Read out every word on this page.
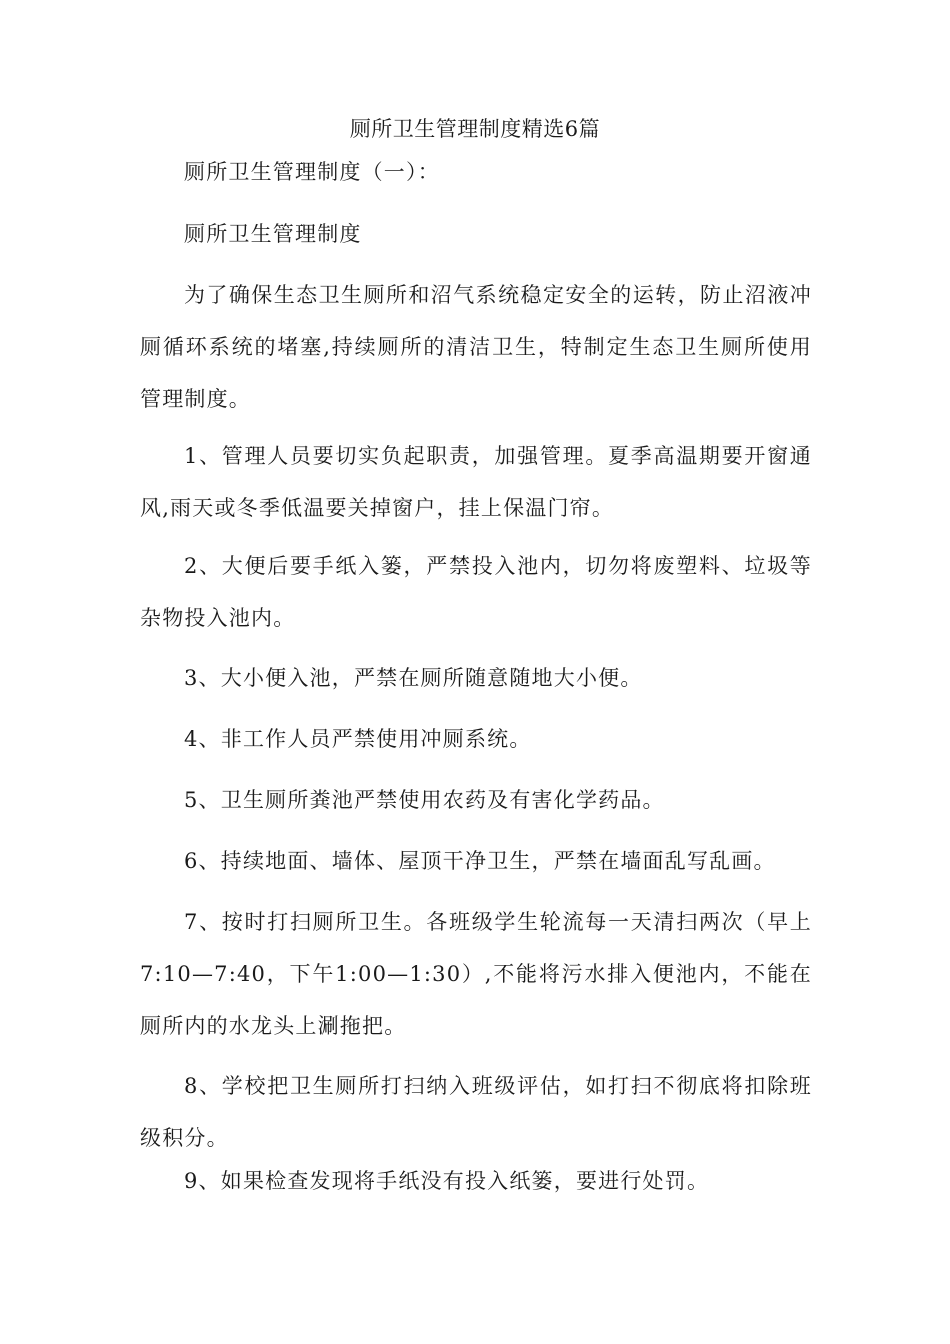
厕所卫生管理制度精选6篇

厕所卫生管理制度（一）：

厕所卫生管理制度

为了确保生态卫生厕所和沼气系统稳定安全的运转，防止沼液冲厕循环系统的堵塞,持续厕所的清洁卫生，特制定生态卫生厕所使用管理制度。

1、管理人员要切实负起职责，加强管理。夏季高温期要开窗通风,雨天或冬季低温要关掉窗户，挂上保温门帘。

2、大便后要手纸入篓，严禁投入池内，切勿将废塑料、垃圾等杂物投入池内。

3、大小便入池，严禁在厕所随意随地大小便。

4、非工作人员严禁使用冲厕系统。

5、卫生厕所粪池严禁使用农药及有害化学药品。

6、持续地面、墙体、屋顶干净卫生，严禁在墙面乱写乱画。

7、按时打扫厕所卫生。各班级学生轮流每一天清扫两次（早上7:10—7:40，下午1:00—1:30）,不能将污水排入便池内，不能在厕所内的水龙头上涮拖把。

8、学校把卫生厕所打扫纳入班级评估，如打扫不彻底将扣除班级积分。

9、如果检查发现将手纸没有投入纸篓，要进行处罚。
